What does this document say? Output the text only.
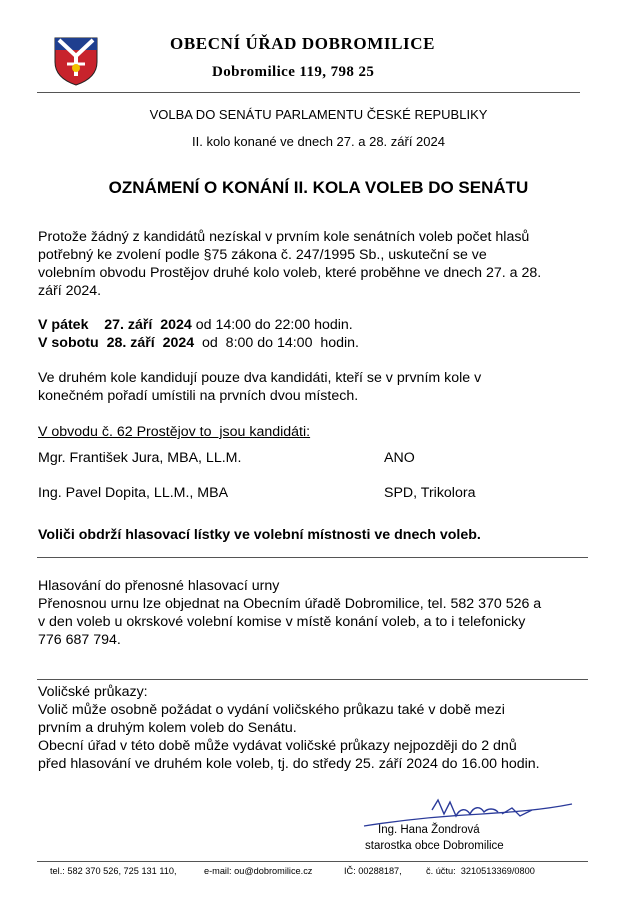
OBECNÍ ÚŘAD DOBROMILICE
Dobromilice 119, 798 25
VOLBA DO SENÁTU PARLAMENTU ČESKÉ REPUBLIKY
II. kolo konané ve dnech 27. a 28. září 2024
OZNÁMENÍ O KONÁNÍ II. KOLA VOLEB DO SENÁTU
Protože žádný z kandidátů nezískal v prvním kole senátních voleb počet hlasů
potřebný ke zvolení podle §75 zákona č. 247/1995 Sb., uskuteční se ve
volebním obvodu Prostějov druhé kolo voleb, které proběhne ve dnech 27. a 28.
září 2024.
V pátek    27. září  2024 od 14:00 do 22:00 hodin.
V sobotu  28. září  2024  od  8:00 do 14:00  hodin.
Ve druhém kole kandidují pouze dva kandidáti, kteří se v prvním kole v
konečném pořadí umístili na prvních dvou místech.
V obvodu č. 62 Prostějov to  jsou kandidáti:
Mgr. František Jura, MBA, LL.M.	ANO
Ing. Pavel Dopita, LL.M., MBA	SPD, Trikolora
Voliči obdrží hlasovací lístky ve volební místnosti ve dnech voleb.
Hlasování do přenosné hlasovací urny
Přenosnou urnu lze objednat na Obecním úřadě Dobromilice, tel. 582 370 526 a
v den voleb u okrskové volební komise v místě konání voleb, a to i telefonicky
776 687 794.
Voličské průkazy:
Volič může osobně požádat o vydání voličského průkazu také v době mezi
prvním a druhým kolem voleb do Senátu.
Obecní úřad v této době může vydávat voličské průkazy nejpozději do 2 dnů
před hlasování ve druhém kole voleb, tj. do středy 25. září 2024 do 16.00 hodin.
Ing. Hana Žondrová
starostka obce Dobromilice
tel.: 582 370 526, 725 131 110,	e-mail: ou@dobromilice.cz	IČ: 00288187,	č. účtu:  3210513369/0800
